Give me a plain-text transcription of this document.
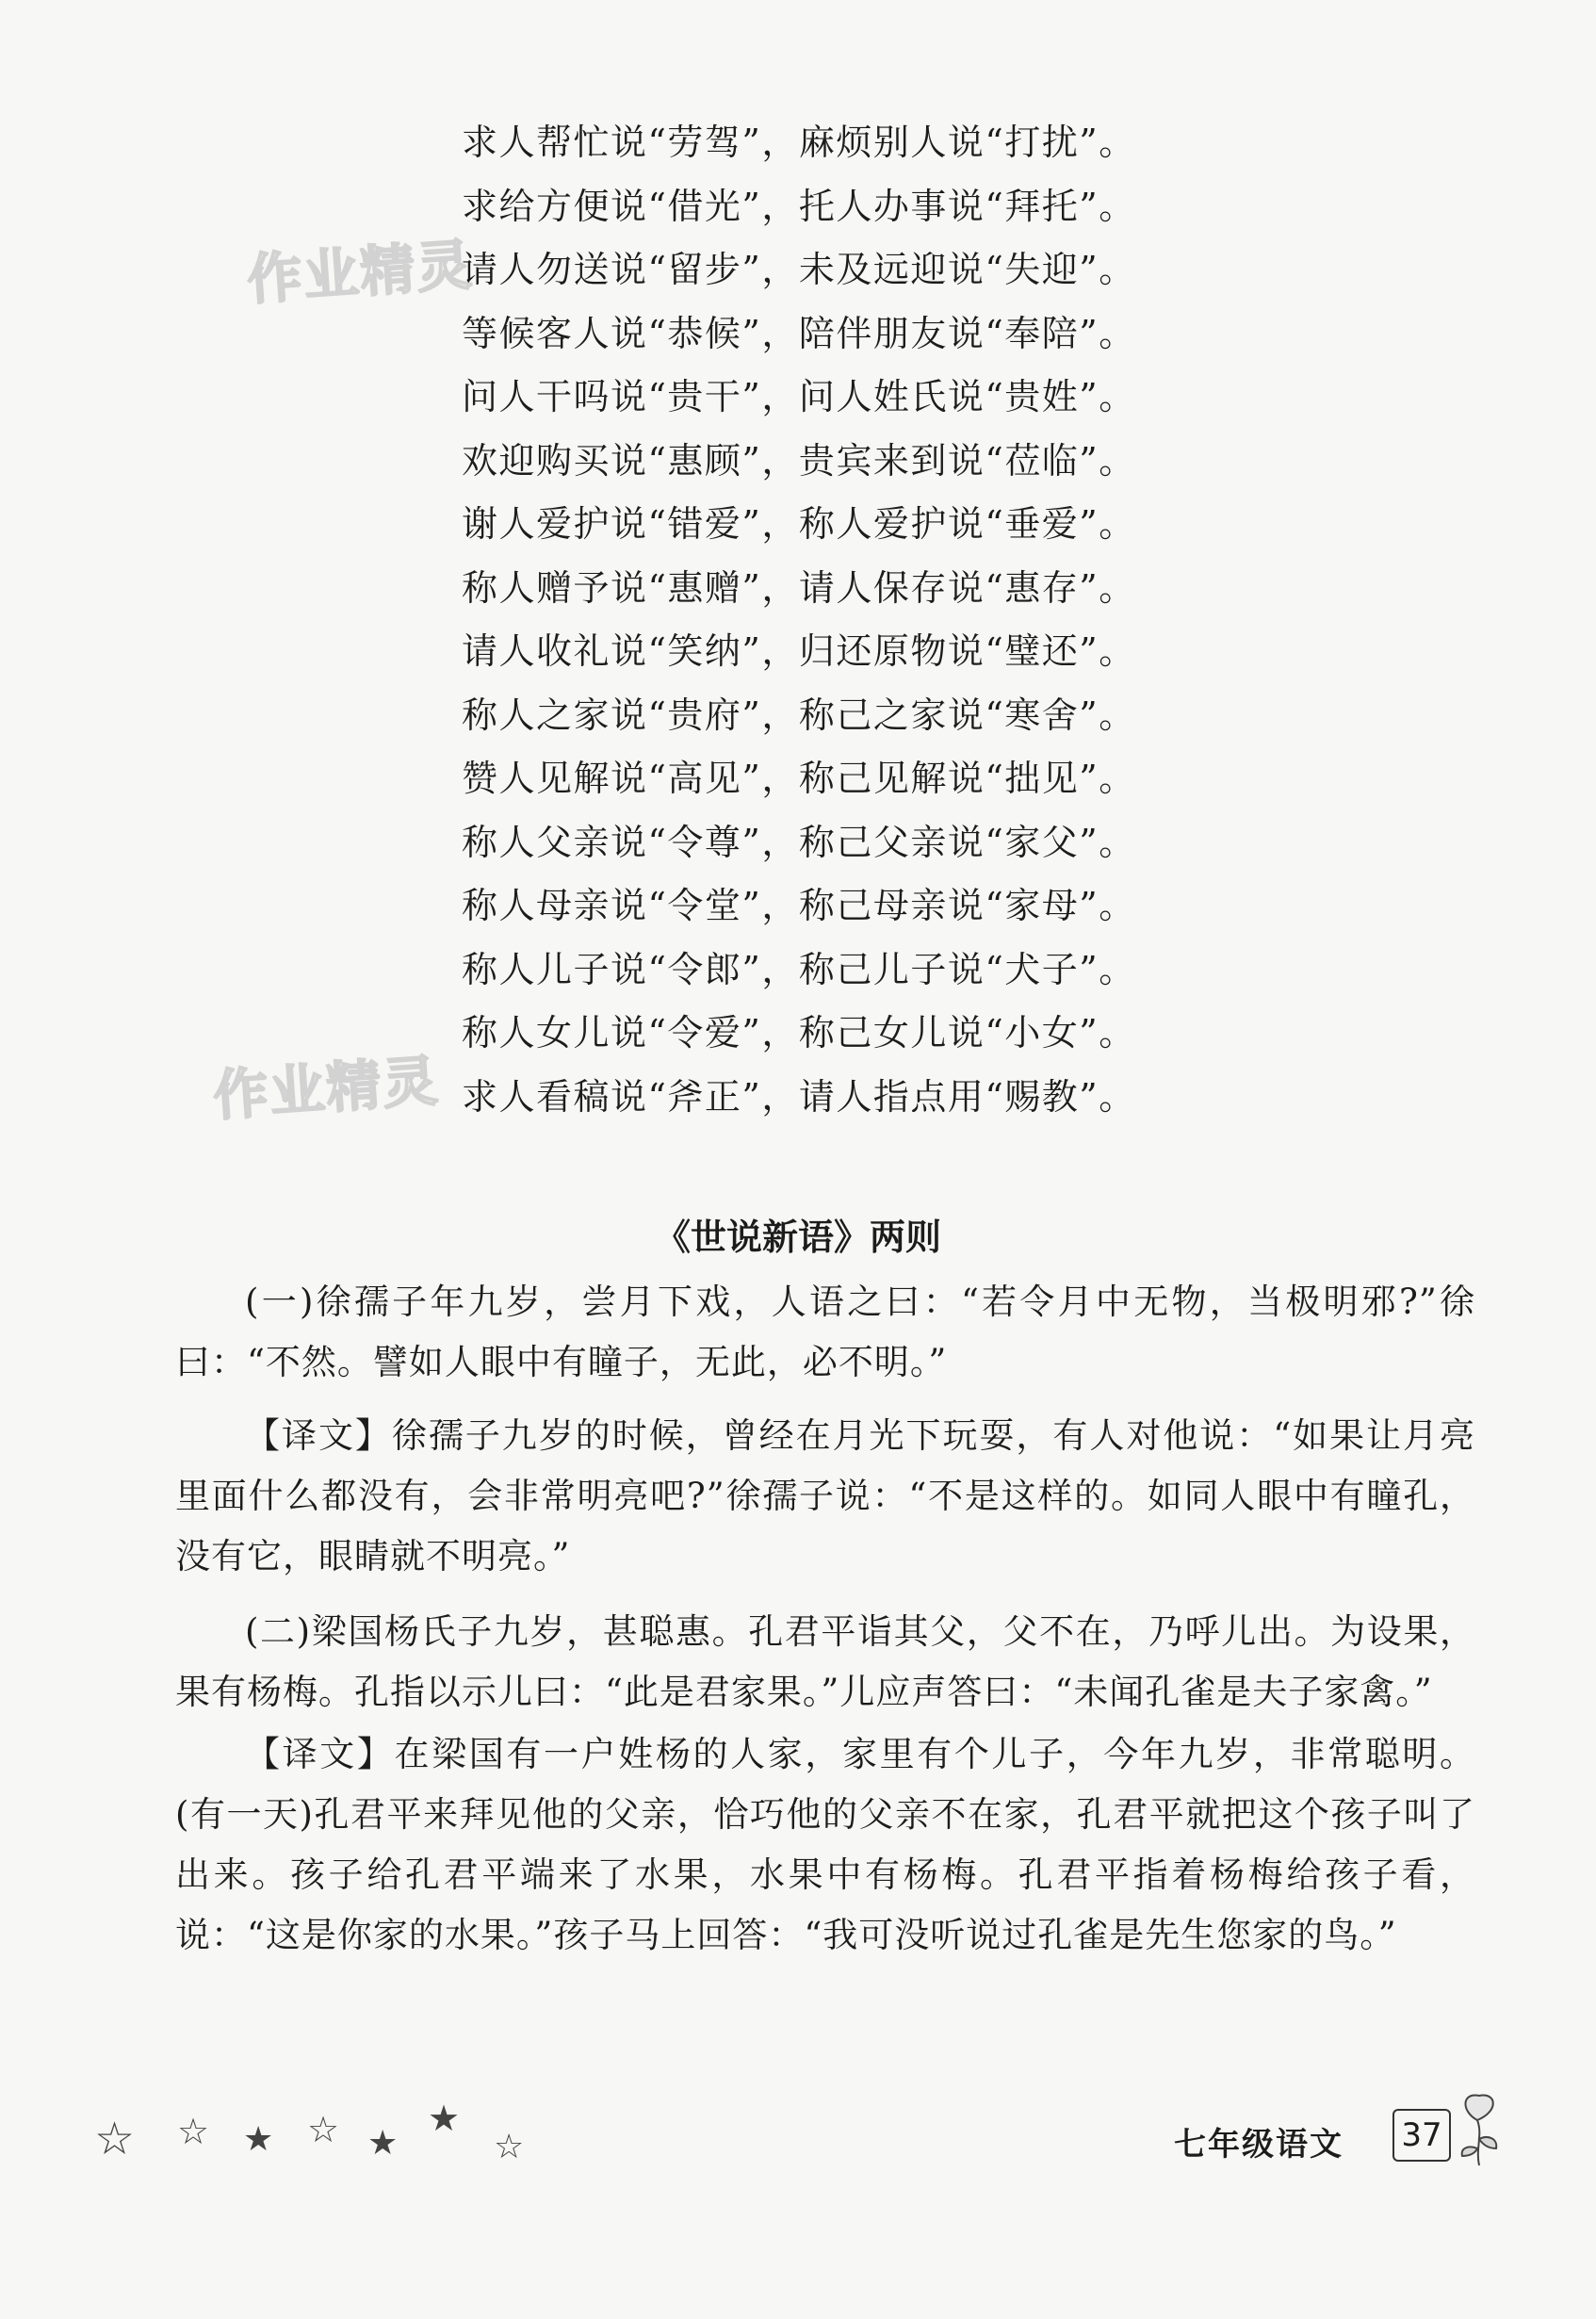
作业精灵
作业精灵
求人帮忙说“劳驾”，麻烦别人说“打扰”。
求给方便说“借光”，托人办事说“拜托”。
请人勿送说“留步”，未及远迎说“失迎”。
等候客人说“恭候”，陪伴朋友说“奉陪”。
问人干吗说“贵干”，问人姓氏说“贵姓”。
欢迎购买说“惠顾”，贵宾来到说“莅临”。
谢人爱护说“错爱”，称人爱护说“垂爱”。
称人赠予说“惠赠”，请人保存说“惠存”。
请人收礼说“笑纳”，归还原物说“璧还”。
称人之家说“贵府”，称己之家说“寒舍”。
赞人见解说“高见”，称己见解说“拙见”。
称人父亲说“令尊”，称己父亲说“家父”。
称人母亲说“令堂”，称己母亲说“家母”。
称人儿子说“令郎”，称己儿子说“犬子”。
称人女儿说“令爱”，称己女儿说“小女”。
求人看稿说“斧正”，请人指点用“赐教”。
《世说新语》两则
(一)徐孺子年九岁，尝月下戏，人语之曰：“若令月中无物，当极明邪?”徐曰：“不然。譬如人眼中有瞳子，无此，必不明。”
【译文】徐孺子九岁的时候，曾经在月光下玩耍，有人对他说：“如果让月亮里面什么都没有，会非常明亮吧?”徐孺子说：“不是这样的。如同人眼中有瞳孔，没有它，眼睛就不明亮。”
(二)梁国杨氏子九岁，甚聪惠。孔君平诣其父，父不在，乃呼儿出。为设果，果有杨梅。孔指以示儿曰：“此是君家果。”儿应声答曰：“未闻孔雀是夫子家禽。”
【译文】在梁国有一户姓杨的人家，家里有个儿子，今年九岁，非常聪明。(有一天)孔君平来拜见他的父亲，恰巧他的父亲不在家，孔君平就把这个孩子叫了出来。孩子给孔君平端来了水果，水果中有杨梅。孔君平指着杨梅给孩子看，说：“这是你家的水果。”孩子马上回答：“我可没听说过孔雀是先生您家的鸟。”
☆ ☆ ★ ☆ ★
★
☆	七年级语文 37
